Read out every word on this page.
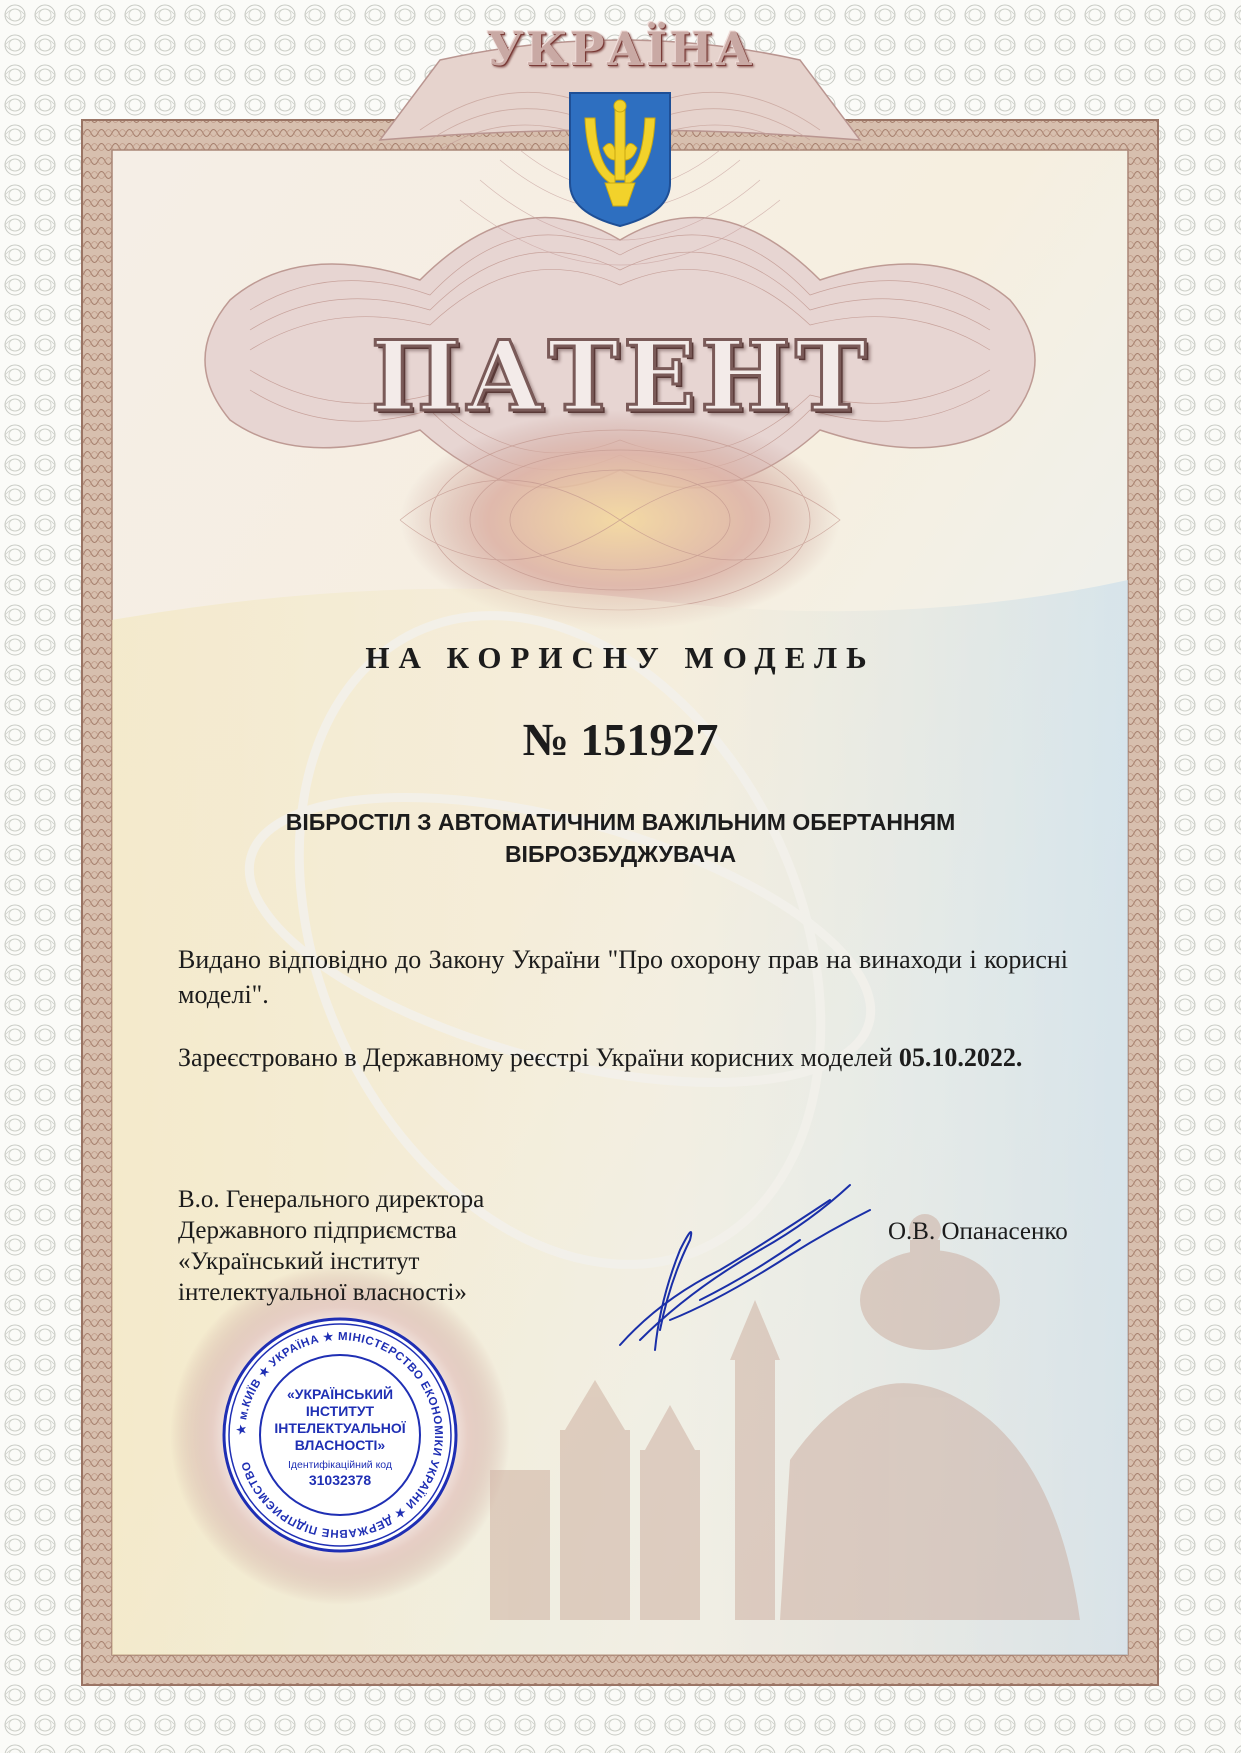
УКРАЇНА
ПАТЕНТ
НА КОРИСНУ МОДЕЛЬ
№ 151927
ВІБРОСТІЛ З АВТОМАТИЧНИМ ВАЖІЛЬНИМ ОБЕРТАННЯМ
ВІБРОЗБУДЖУВАЧА
Видано відповідно до Закону України "Про охорону прав на винаходи і корисні моделі".
Зареєстровано в Державному реєстрі України корисних моделей 05.10.2022.
В.о. Генерального директора
Державного підприємства
«Український інститут
інтелектуальної власності»
О.В. Опанасенко
★ м.КИЇВ ★ УКРАЇНА ★ МІНІСТЕРСТВО ЕКОНОМІКИ УКРАЇНИ ★ ДЕРЖАВНЕ ПІДПРИЄМСТВО
«УКРАЇНСЬКИЙ
ІНСТИТУТ
ІНТЕЛЕКТУАЛЬНОЇ
ВЛАСНОСТІ»
Ідентифікаційний код
31032378
